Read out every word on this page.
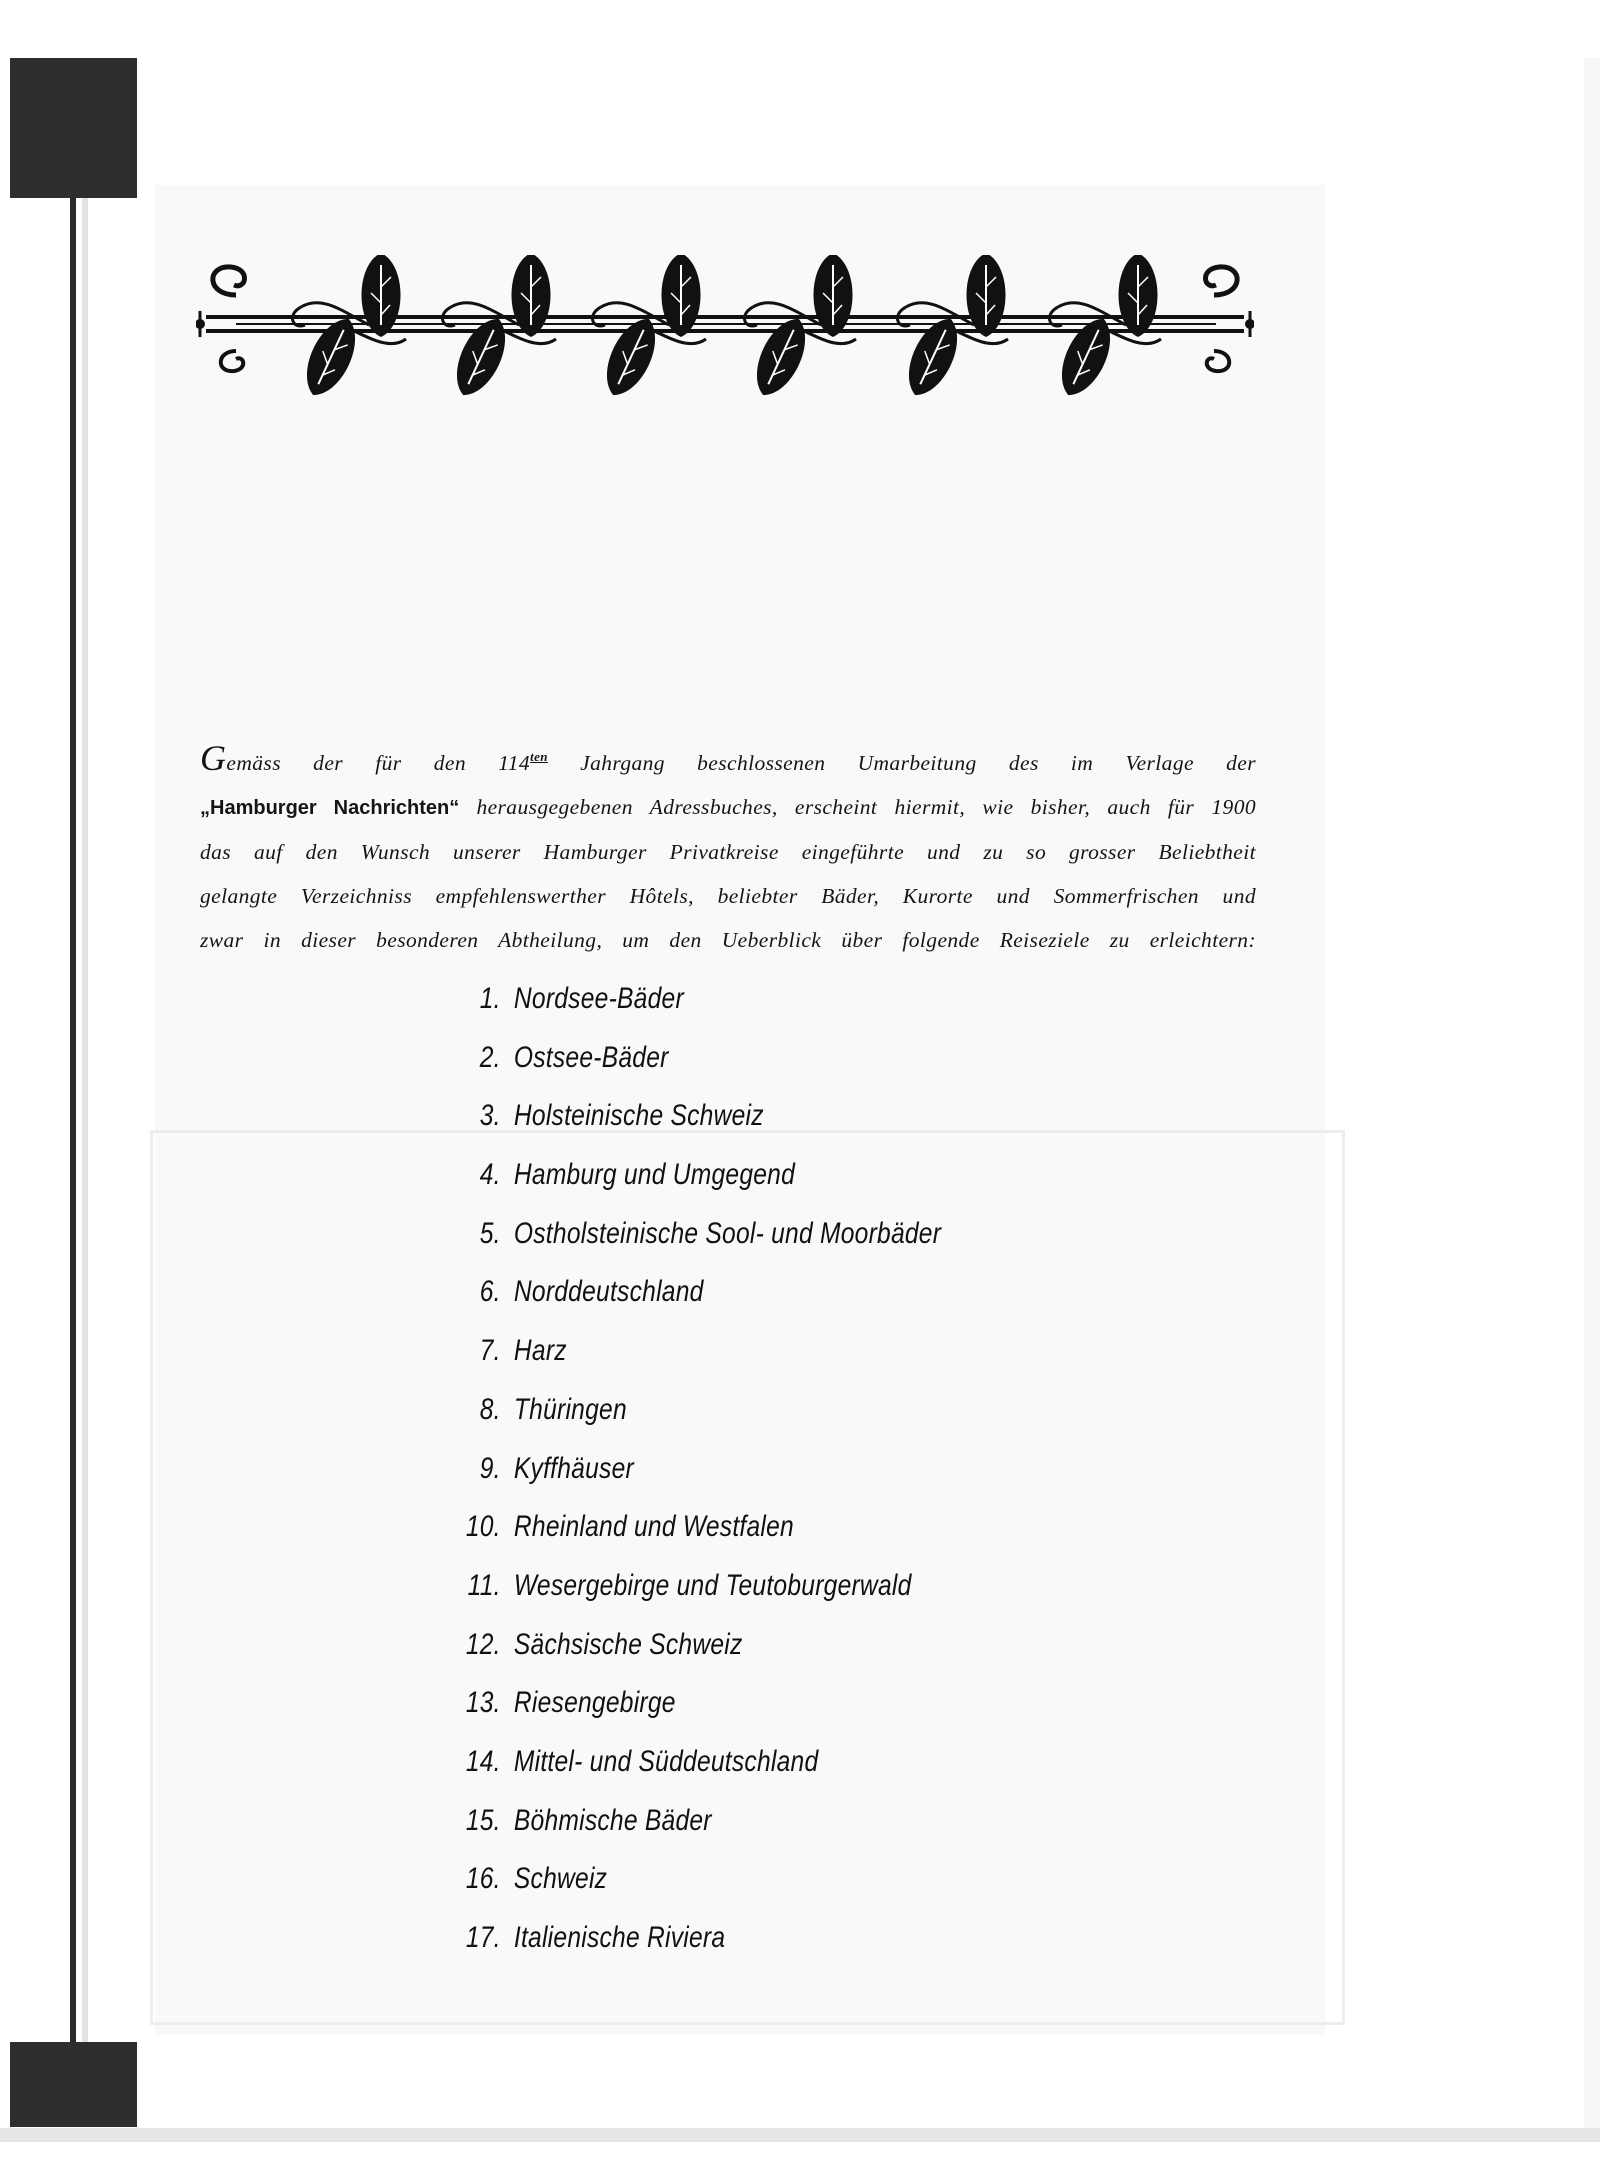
Gemäss der für den $114^{ten}$ Jahrgang beschlossenen Umarbeitung des im Verlage der
„Hamburger Nachrichten“ herausgegebenen Adressbuches, erscheint hiermit, wie bisher, auch für 1900
das auf den Wunsch unserer Hamburger Privatkreise eingeführte und zu so grosser Beliebtheit
gelangte Verzeichniss empfehlenswerther Hôtels, beliebter Bäder, Kurorte und Sommerfrischen und
zwar in dieser besonderen Abtheilung, um den Ueberblick über folgende Reiseziele zu erleichtern:

1. Nordsee-Bäder
2. Ostsee-Bäder
3. Holsteinische Schweiz
4. Hamburg und Umgegend
5. Ostholsteinische Sool- und Moorbäder
6. Norddeutschland
7. Harz
8. Thüringen
9. Kyffhäuser
10. Rheinland und Westfalen
11. Wesergebirge und Teutoburgerwald
12. Sächsische Schweiz
13. Riesengebirge
14. Mittel- und Süddeutschland
15. Böhmische Bäder
16. Schweiz
17. Italienische Riviera
